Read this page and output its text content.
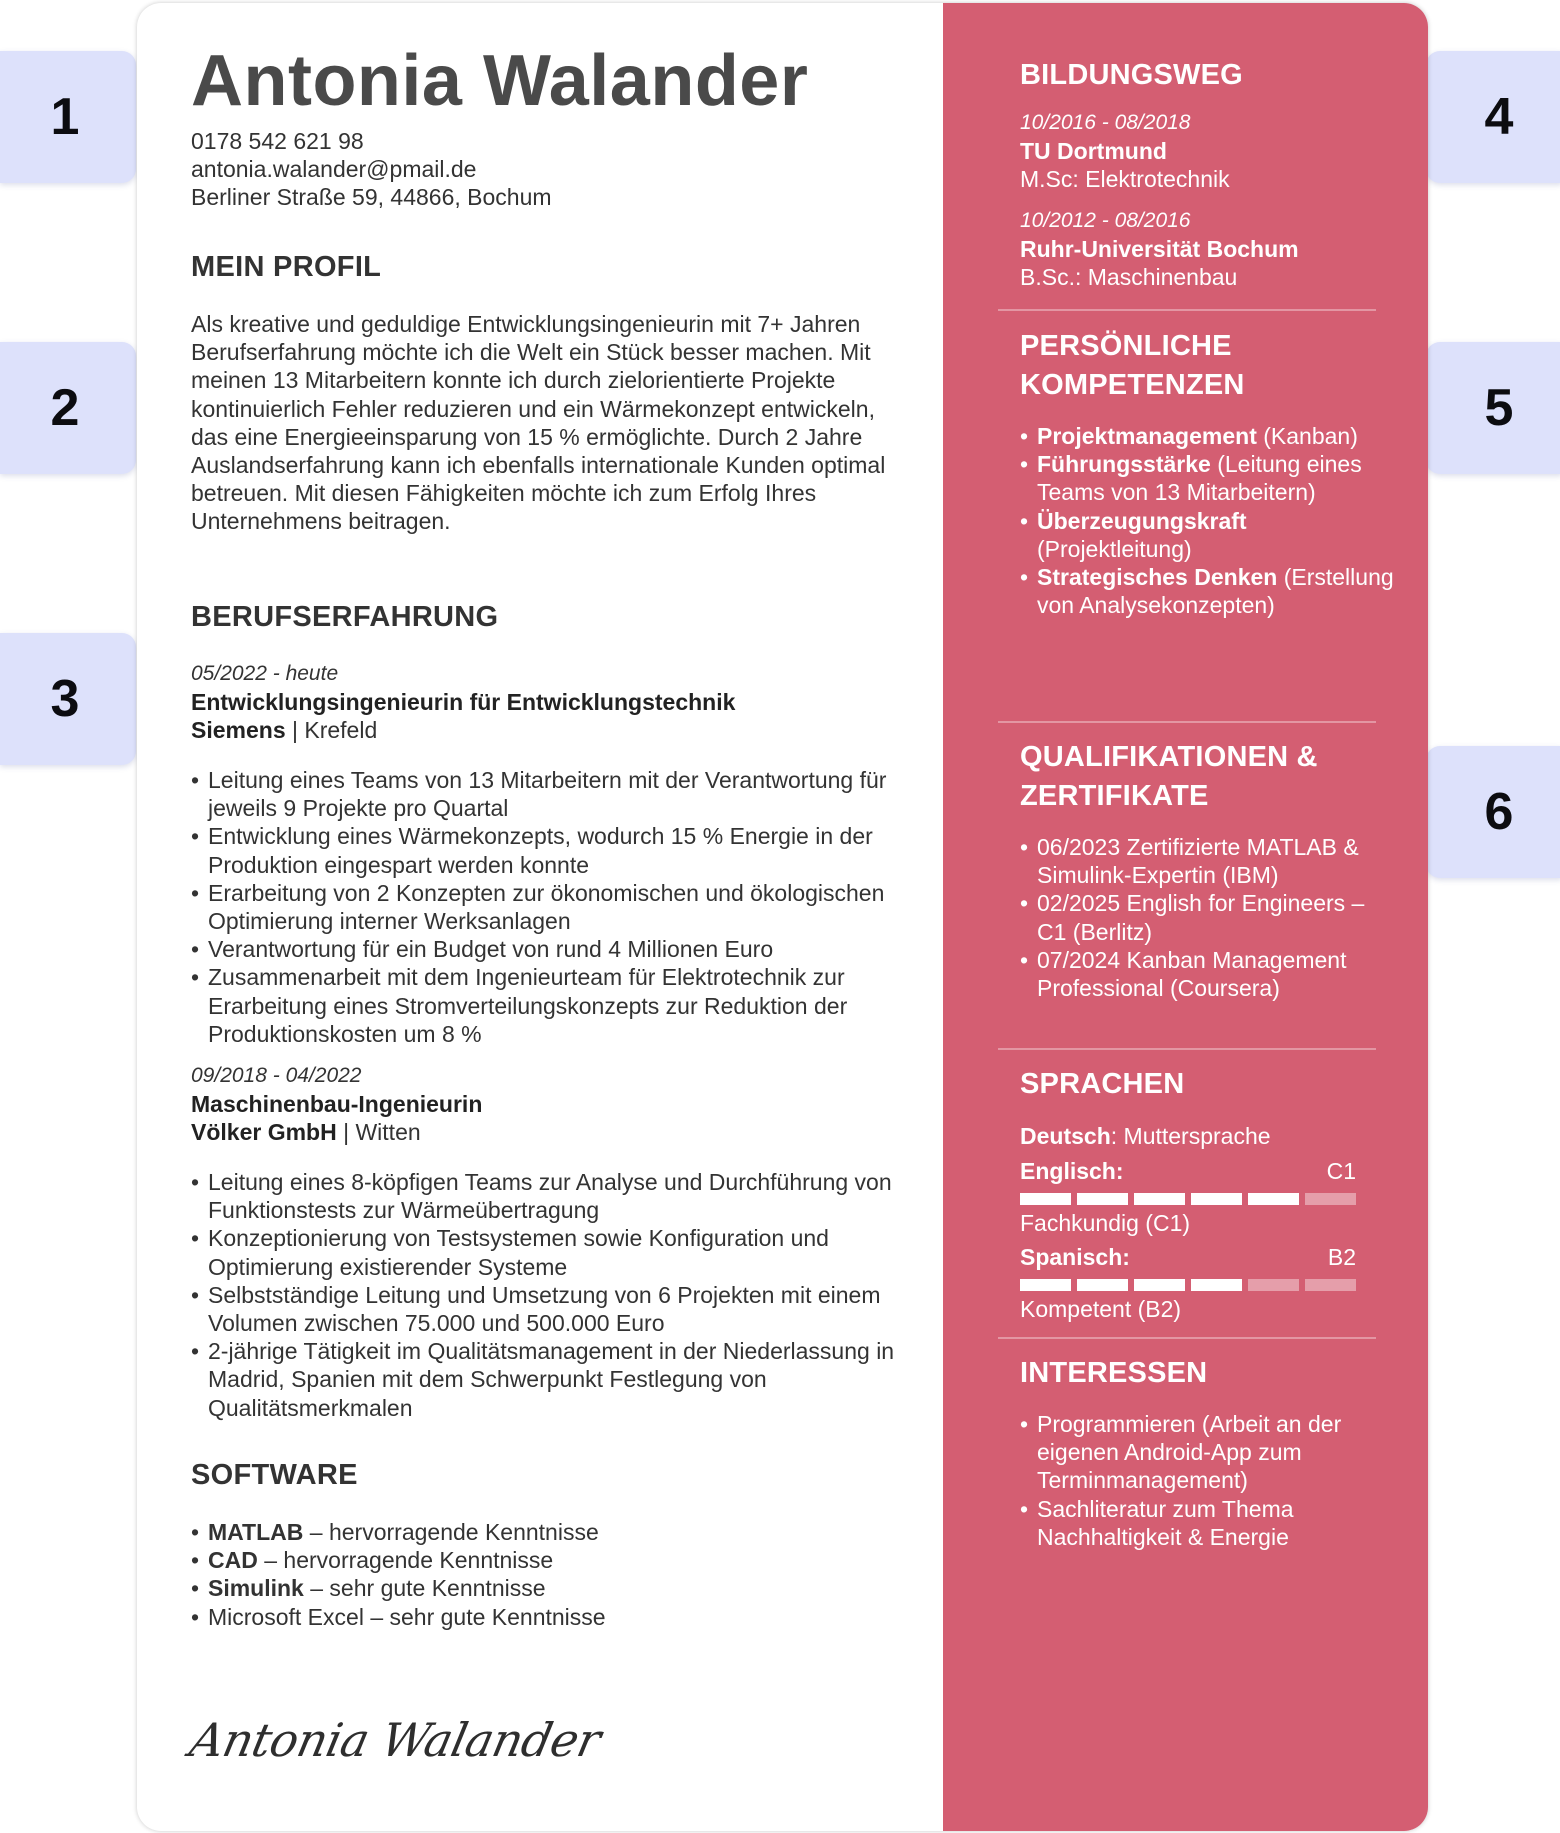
1
2
3
4
5
6
Antonia Walander
0178 542 621 98
antonia.walander@pmail.de
Berliner Straße 59, 44866, Bochum
MEIN PROFIL
Als kreative und geduldige Entwicklungsingenieurin mit 7+ Jahren Berufserfahrung möchte ich die Welt ein Stück besser machen. Mit meinen 13 Mitarbeitern konnte ich durch zielorientierte Projekte kontinuierlich Fehler reduzieren und ein Wärmekonzept entwickeln, das eine Energieeinsparung von 15 % ermöglichte. Durch 2 Jahre Auslandserfahrung kann ich ebenfalls internationale Kunden optimal betreuen. Mit diesen Fähigkeiten möchte ich zum Erfolg Ihres Unternehmens beitragen.
BERUFSERFAHRUNG
05/2022 - heute
Entwicklungsingenieurin für Entwicklungstechnik
Siemens | Krefeld
• Leitung eines Teams von 13 Mitarbeitern mit der Verantwortung für jeweils 9 Projekte pro Quartal
• Entwicklung eines Wärmekonzepts, wodurch 15 % Energie in der Produktion eingespart werden konnte
• Erarbeitung von 2 Konzepten zur ökonomischen und ökologischen Optimierung interner Werksanlagen
• Verantwortung für ein Budget von rund 4 Millionen Euro
• Zusammenarbeit mit dem Ingenieurteam für Elektrotechnik zur Erarbeitung eines Stromverteilungskonzepts zur Reduktion der Produktionskosten um 8 %
09/2018 - 04/2022
Maschinenbau-Ingenieurin
Völker GmbH | Witten
• Leitung eines 8-köpfigen Teams zur Analyse und Durchführung von Funktionstests zur Wärmeübertragung
• Konzeptionierung von Testsystemen sowie Konfiguration und Optimierung existierender Systeme
• Selbstständige Leitung und Umsetzung von 6 Projekten mit einem Volumen zwischen 75.000 und 500.000 Euro
• 2-jährige Tätigkeit im Qualitätsmanagement in der Niederlassung in Madrid, Spanien mit dem Schwerpunkt Festlegung von Qualitätsmerkmalen
SOFTWARE
• MATLAB – hervorragende Kenntnisse
• CAD – hervorragende Kenntnisse
• Simulink – sehr gute Kenntnisse
• Microsoft Excel – sehr gute Kenntnisse
Antonia Walander
BILDUNGSWEG
10/2016 - 08/2018
TU Dortmund
M.Sc: Elektrotechnik
10/2012 - 08/2016
Ruhr-Universität Bochum
B.Sc.: Maschinenbau
PERSÖNLICHE
KOMPETENZEN
• Projektmanagement (Kanban)
• Führungsstärke (Leitung eines Teams von 13 Mitarbeitern)
• Überzeugungskraft (Projektleitung)
• Strategisches Denken (Erstellung von Analysekonzepten)
QUALIFIKATIONEN &
ZERTIFIKATE
• 06/2023 Zertifizierte MATLAB & Simulink-Expertin (IBM)
• 02/2025 English for Engineers – C1 (Berlitz)
• 07/2024 Kanban Management Professional (Coursera)
SPRACHEN
Deutsch: Muttersprache
Englisch:	C1
Fachkundig (C1)
Spanisch:	B2
Kompetent (B2)
INTERESSEN
• Programmieren (Arbeit an der eigenen Android-App zum Terminmanagement)
• Sachliteratur zum Thema Nachhaltigkeit & Energie
